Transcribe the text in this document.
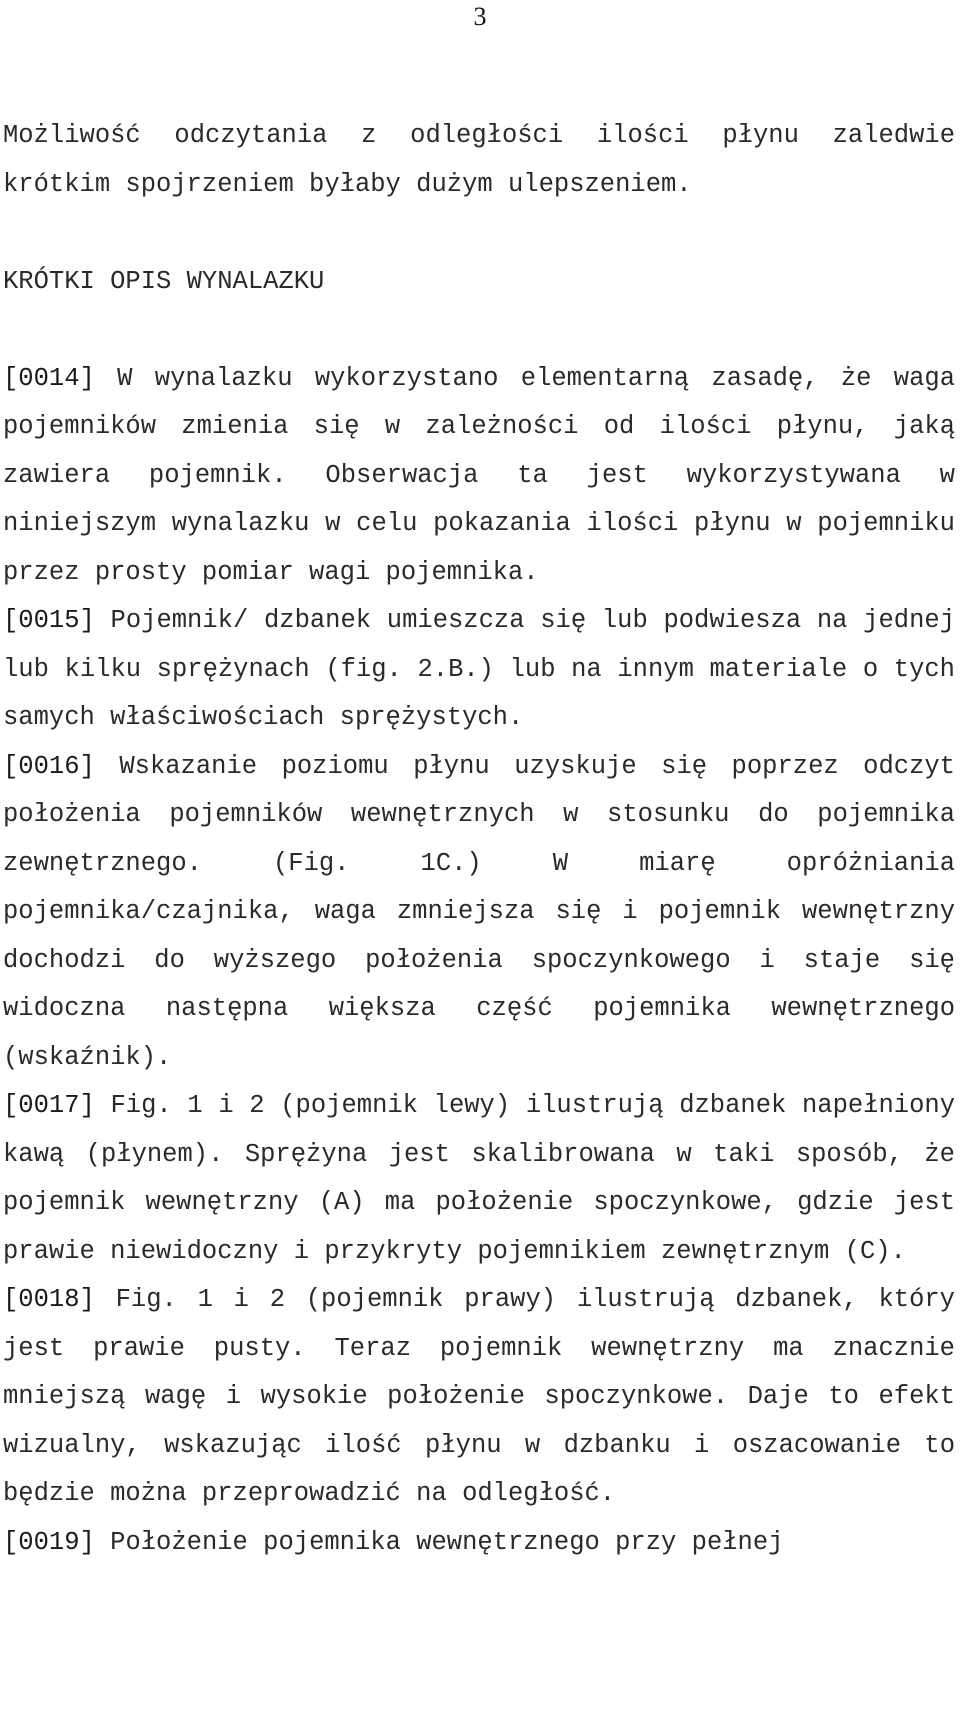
3

Możliwość odczytania z odległości ilości płynu zaledwie krótkim spojrzeniem byłaby dużym ulepszeniem.

KRÓTKI OPIS WYNALAZKU

[0014] W wynalazku wykorzystano elementarną zasadę, że waga pojemników zmienia się w zależności od ilości płynu, jaką zawiera pojemnik. Obserwacja ta jest wykorzystywana w niniejszym wynalazku w celu pokazania ilości płynu w pojemniku przez prosty pomiar wagi pojemnika.

[0015] Pojemnik/ dzbanek umieszcza się lub podwiesza na jednej lub kilku sprężynach (fig. 2.B.) lub na innym materiale o tych samych właściwościach sprężystych.

[0016] Wskazanie poziomu płynu uzyskuje się poprzez odczyt położenia pojemników wewnętrznych w stosunku do pojemnika zewnętrznego. (Fig. 1C.) W miarę opróżniania pojemnika/czajnika, waga zmniejsza się i pojemnik wewnętrzny dochodzi do wyższego położenia spoczynkowego i staje się widoczna następna większa część pojemnika wewnętrznego (wskaźnik).

[0017] Fig. 1 i 2 (pojemnik lewy) ilustrują dzbanek napełniony kawą (płynem). Sprężyna jest skalibrowana w taki sposób, że pojemnik wewnętrzny (A) ma położenie spoczynkowe, gdzie jest prawie niewidoczny i przykryty pojemnikiem zewnętrznym (C).

[0018] Fig. 1 i 2 (pojemnik prawy) ilustrują dzbanek, który jest prawie pusty. Teraz pojemnik wewnętrzny ma znacznie mniejszą wagę i wysokie położenie spoczynkowe. Daje to efekt wizualny, wskazując ilość płynu w dzbanku i oszacowanie to będzie można przeprowadzić na odległość.

[0019] Położenie pojemnika wewnętrznego przy pełnej
